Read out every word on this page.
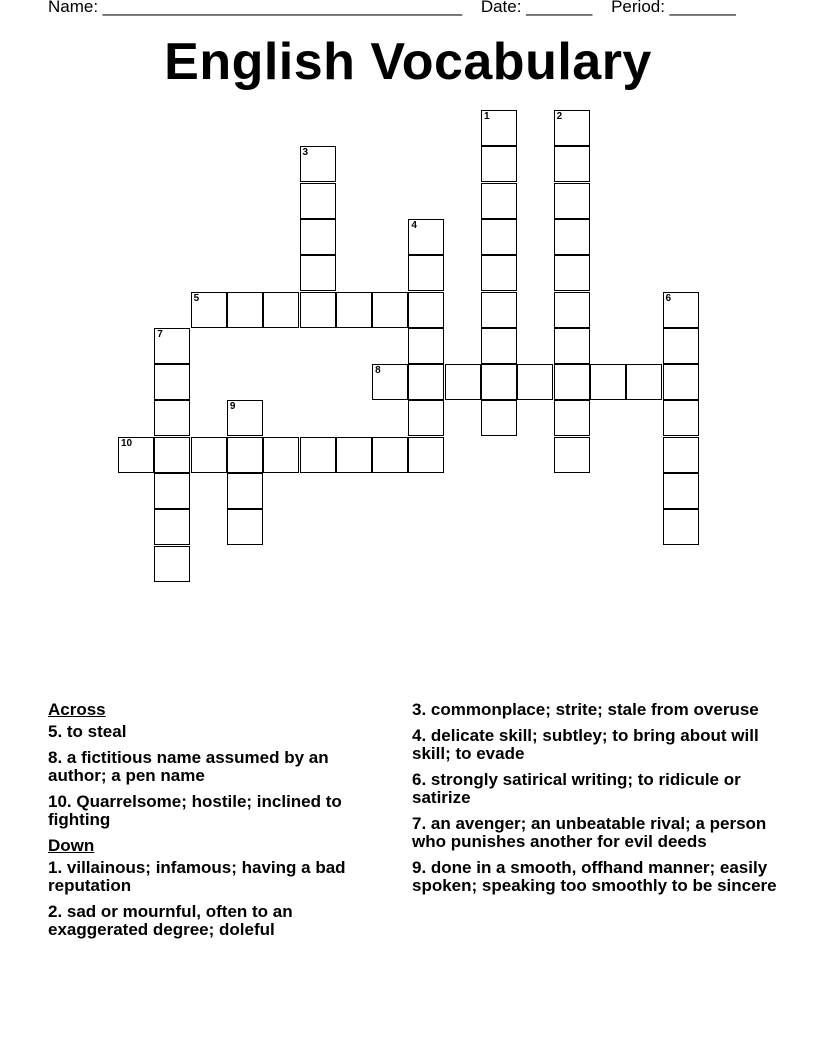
Name: ______________________________________ Date: _______ Period: _______
English Vocabulary
1	2
3
4
5	6
7
8
9
10
Across
5. to steal
8. a fictitious name assumed by an author; a pen name
10. Quarrelsome; hostile; inclined to fighting
Down
1. villainous; infamous; having a bad reputation
2. sad or mournful, often to an exaggerated degree; doleful
3. commonplace; strite; stale from overuse
4. delicate skill; subtley; to bring about will skill; to evade
6. strongly satirical writing; to ridicule or satirize
7. an avenger; an unbeatable rival; a person who punishes another for evil deeds
9. done in a smooth, offhand manner; easily spoken; speaking too smoothly to be sincere
